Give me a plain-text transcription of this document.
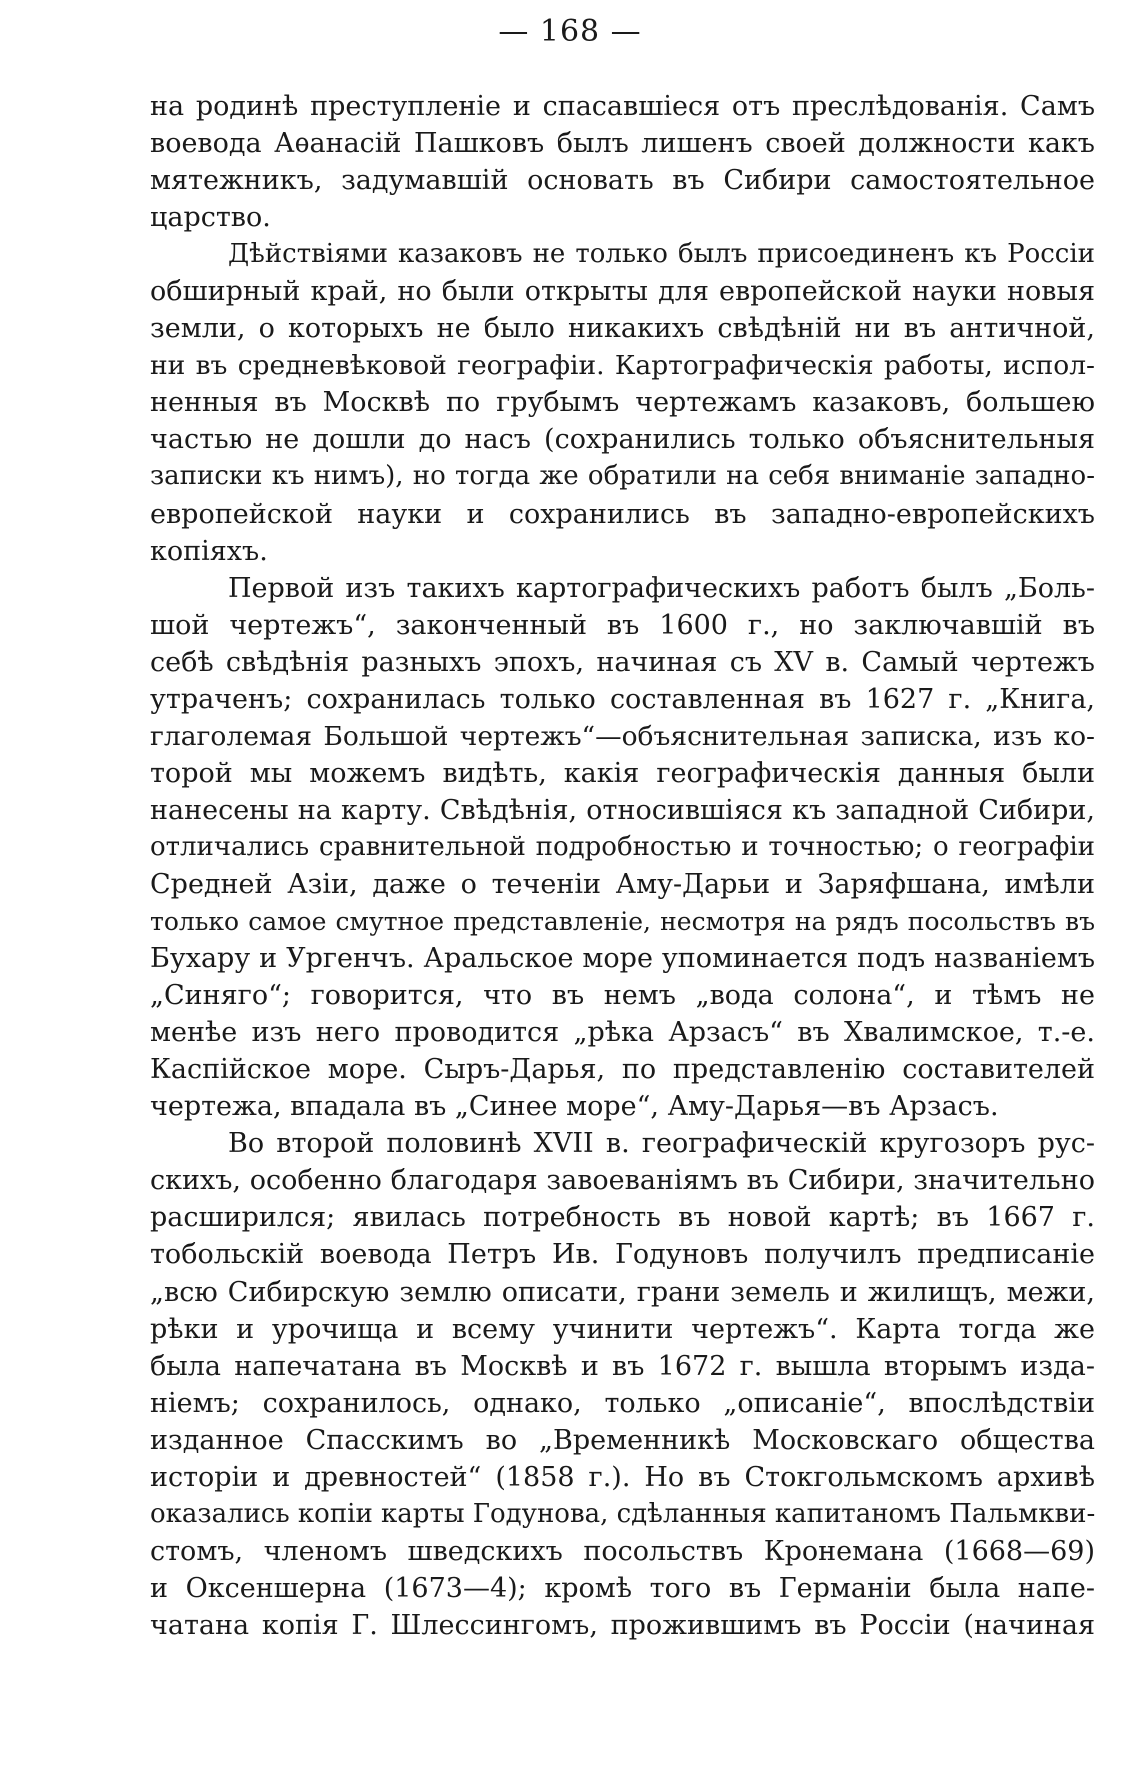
— 168 —
на родинѣ преступленіе и спасавшіеся отъ преслѣдованія. Самъ
воевода Аѳанасій Пашковъ былъ лишенъ своей должности какъ
мятежникъ, задумавшій основать въ Сибири самостоятельное
царство.
Дѣйствіями казаковъ не только былъ присоединенъ къ Россіи
обширный край, но были открыты для европейской науки новыя
земли, о которыхъ не было никакихъ свѣдѣній ни въ античной,
ни въ средневѣковой географіи. Картографическія работы, испол-
ненныя въ Москвѣ по грубымъ чертежамъ казаковъ, большею
частью не дошли до насъ (сохранились только объяснительныя
записки къ нимъ), но тогда же обратили на себя вниманіе западно-
европейской науки и сохранились въ западно-европейскихъ
копіяхъ.
Первой изъ такихъ картографическихъ работъ былъ „Боль-
шой чертежъ“, законченный въ 1600 г., но заключавшій въ
себѣ свѣдѣнія разныхъ эпохъ, начиная съ XV в. Самый чертежъ
утраченъ; сохранилась только составленная въ 1627 г. „Книга,
глаголемая Большой чертежъ“—объяснительная записка, изъ ко-
торой мы можемъ видѣть, какія географическія данныя были
нанесены на карту. Свѣдѣнія, относившіяся къ западной Сибири,
отличались сравнительной подробностью и точностью; о географіи
Средней Азіи, даже о теченіи Аму-Дарьи и Заряфшана, имѣли
только самое смутное представленіе, несмотря на рядъ посольствъ въ
Бухару и Ургенчъ. Аральское море упоминается подъ названіемъ
„Синяго“; говорится, что въ немъ „вода солона“, и тѣмъ не
менѣе изъ него проводится „рѣка Арзасъ“ въ Хвалимское, т.-е.
Каспійское море. Сыръ-Дарья, по представленію составителей
чертежа, впадала въ „Синее море“, Аму-Дарья—въ Арзасъ.
Во второй половинѣ XVII в. географическій кругозоръ рус-
скихъ, особенно благодаря завоеваніямъ въ Сибири, значительно
расширился; явилась потребность въ новой картѣ; въ 1667 г.
тобольскій воевода Петръ Ив. Годуновъ получилъ предписаніе
„всю Сибирскую землю описати, грани земель и жилищъ, межи,
рѣки и урочища и всему учинити чертежъ“. Карта тогда же
была напечатана въ Москвѣ и въ 1672 г. вышла вторымъ изда-
ніемъ; сохранилось, однако, только „описаніе“, впослѣдствіи
изданное Спасскимъ во „Временникѣ Московскаго общества
исторіи и древностей“ (1858 г.). Но въ Стокгольмскомъ архивѣ
оказались копіи карты Годунова, сдѣланныя капитаномъ Пальмкви-
стомъ, членомъ шведскихъ посольствъ Кронемана (1668—69)
и Оксеншерна (1673—4); кромѣ того въ Германіи была напе-
чатана копія Г. Шлессингомъ, прожившимъ въ Россіи (начиная
